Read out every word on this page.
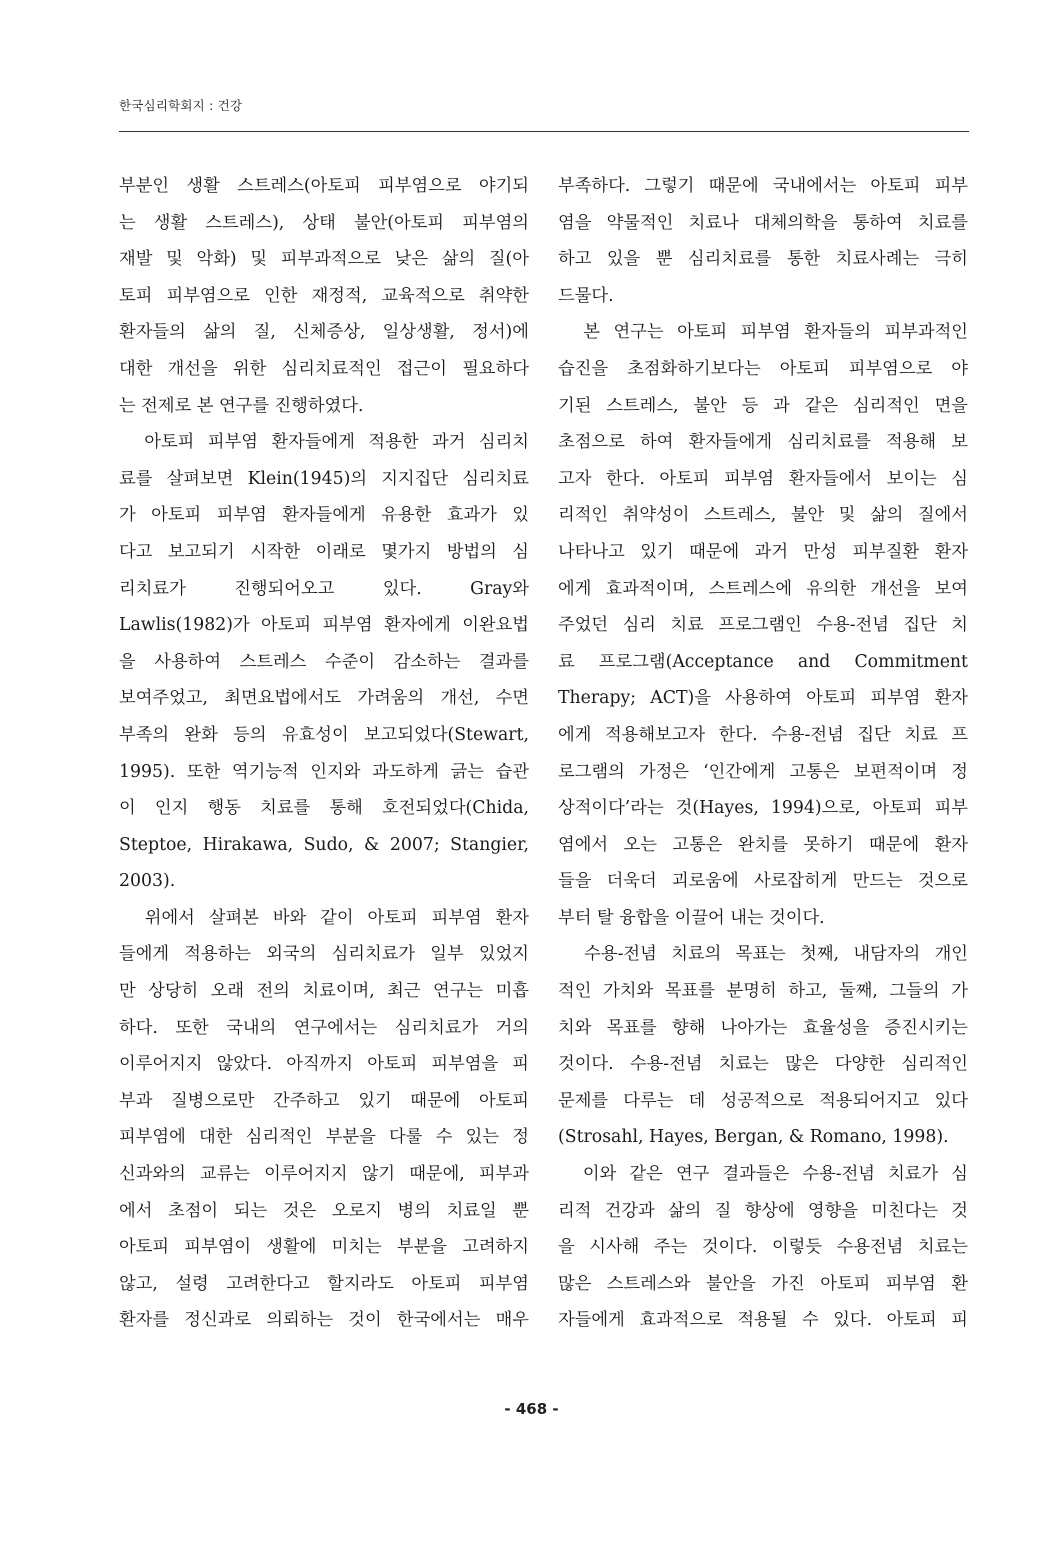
한국심리학회지 : 건강
부분인 생활 스트레스(아토피 피부염으로 야기되
는 생활 스트레스), 상태 불안(아토피 피부염의
재발 및 악화) 및 피부과적으로 낮은 삶의 질(아
토피 피부염으로 인한 재정적, 교육적으로 취약한
환자들의 삶의 질, 신체증상, 일상생활, 정서)에
대한 개선을 위한 심리치료적인 접근이 필요하다
는 전제로 본 연구를 진행하였다.
　아토피 피부염 환자들에게 적용한 과거 심리치
료를 살펴보면 Klein(1945)의 지지집단 심리치료
가 아토피 피부염 환자들에게 유용한 효과가 있
다고 보고되기 시작한 이래로 몇가지 방법의 심
리치료가 진행되어오고 있다. Gray와
Lawlis(1982)가 아토피 피부염 환자에게 이완요법
을 사용하여 스트레스 수준이 감소하는 결과를
보여주었고, 최면요법에서도 가려움의 개선, 수면
부족의 완화 등의 유효성이 보고되었다(Stewart,
1995). 또한 역기능적 인지와 과도하게 긁는 습관
이 인지 행동 치료를 통해 호전되었다(Chida,
Steptoe, Hirakawa, Sudo, & 2007; Stangier,
2003).
　위에서 살펴본 바와 같이 아토피 피부염 환자
들에게 적용하는 외국의 심리치료가 일부 있었지
만 상당히 오래 전의 치료이며, 최근 연구는 미흡
하다. 또한 국내의 연구에서는 심리치료가 거의
이루어지지 않았다. 아직까지 아토피 피부염을 피
부과 질병으로만 간주하고 있기 때문에 아토피
피부염에 대한 심리적인 부분을 다룰 수 있는 정
신과와의 교류는 이루어지지 않기 때문에, 피부과
에서 초점이 되는 것은 오로지 병의 치료일 뿐
아토피 피부염이 생활에 미치는 부분을 고려하지
않고, 설령 고려한다고 할지라도 아토피 피부염
환자를 정신과로 의뢰하는 것이 한국에서는 매우
부족하다. 그렇기 때문에 국내에서는 아토피 피부
염을 약물적인 치료나 대체의학을 통하여 치료를
하고 있을 뿐 심리치료를 통한 치료사례는 극히
드물다.
　본 연구는 아토피 피부염 환자들의 피부과적인
습진을 초점화하기보다는 아토피 피부염으로 야
기된 스트레스, 불안 등 과 같은 심리적인 면을
초점으로 하여 환자들에게 심리치료를 적용해 보
고자 한다. 아토피 피부염 환자들에서 보이는 심
리적인 취약성이 스트레스, 불안 및 삶의 질에서
나타나고 있기 때문에 과거 만성 피부질환 환자
에게 효과적이며, 스트레스에 유의한 개선을 보여
주었던 심리 치료 프로그램인 수용-전념 집단 치
료 프로그램(Acceptance and Commitment
Therapy; ACT)을 사용하여 아토피 피부염 환자
에게 적용해보고자 한다. 수용-전념 집단 치료 프
로그램의 가정은 ‘인간에게 고통은 보편적이며 정
상적이다’라는 것(Hayes, 1994)으로, 아토피 피부
염에서 오는 고통은 완치를 못하기 때문에 환자
들을 더욱더 괴로움에 사로잡히게 만드는 것으로
부터 탈 융합을 이끌어 내는 것이다.
　수용-전념 치료의 목표는 첫째, 내담자의 개인
적인 가치와 목표를 분명히 하고, 둘째, 그들의 가
치와 목표를 향해 나아가는 효율성을 증진시키는
것이다. 수용-전념 치료는 많은 다양한 심리적인
문제를 다루는 데 성공적으로 적용되어지고 있다
(Strosahl, Hayes, Bergan, & Romano, 1998).
　이와 같은 연구 결과들은 수용-전념 치료가 심
리적 건강과 삶의 질 향상에 영향을 미친다는 것
을 시사해 주는 것이다. 이렇듯 수용전념 치료는
많은 스트레스와 불안을 가진 아토피 피부염 환
자들에게 효과적으로 적용될 수 있다. 아토피 피
- 468 -
